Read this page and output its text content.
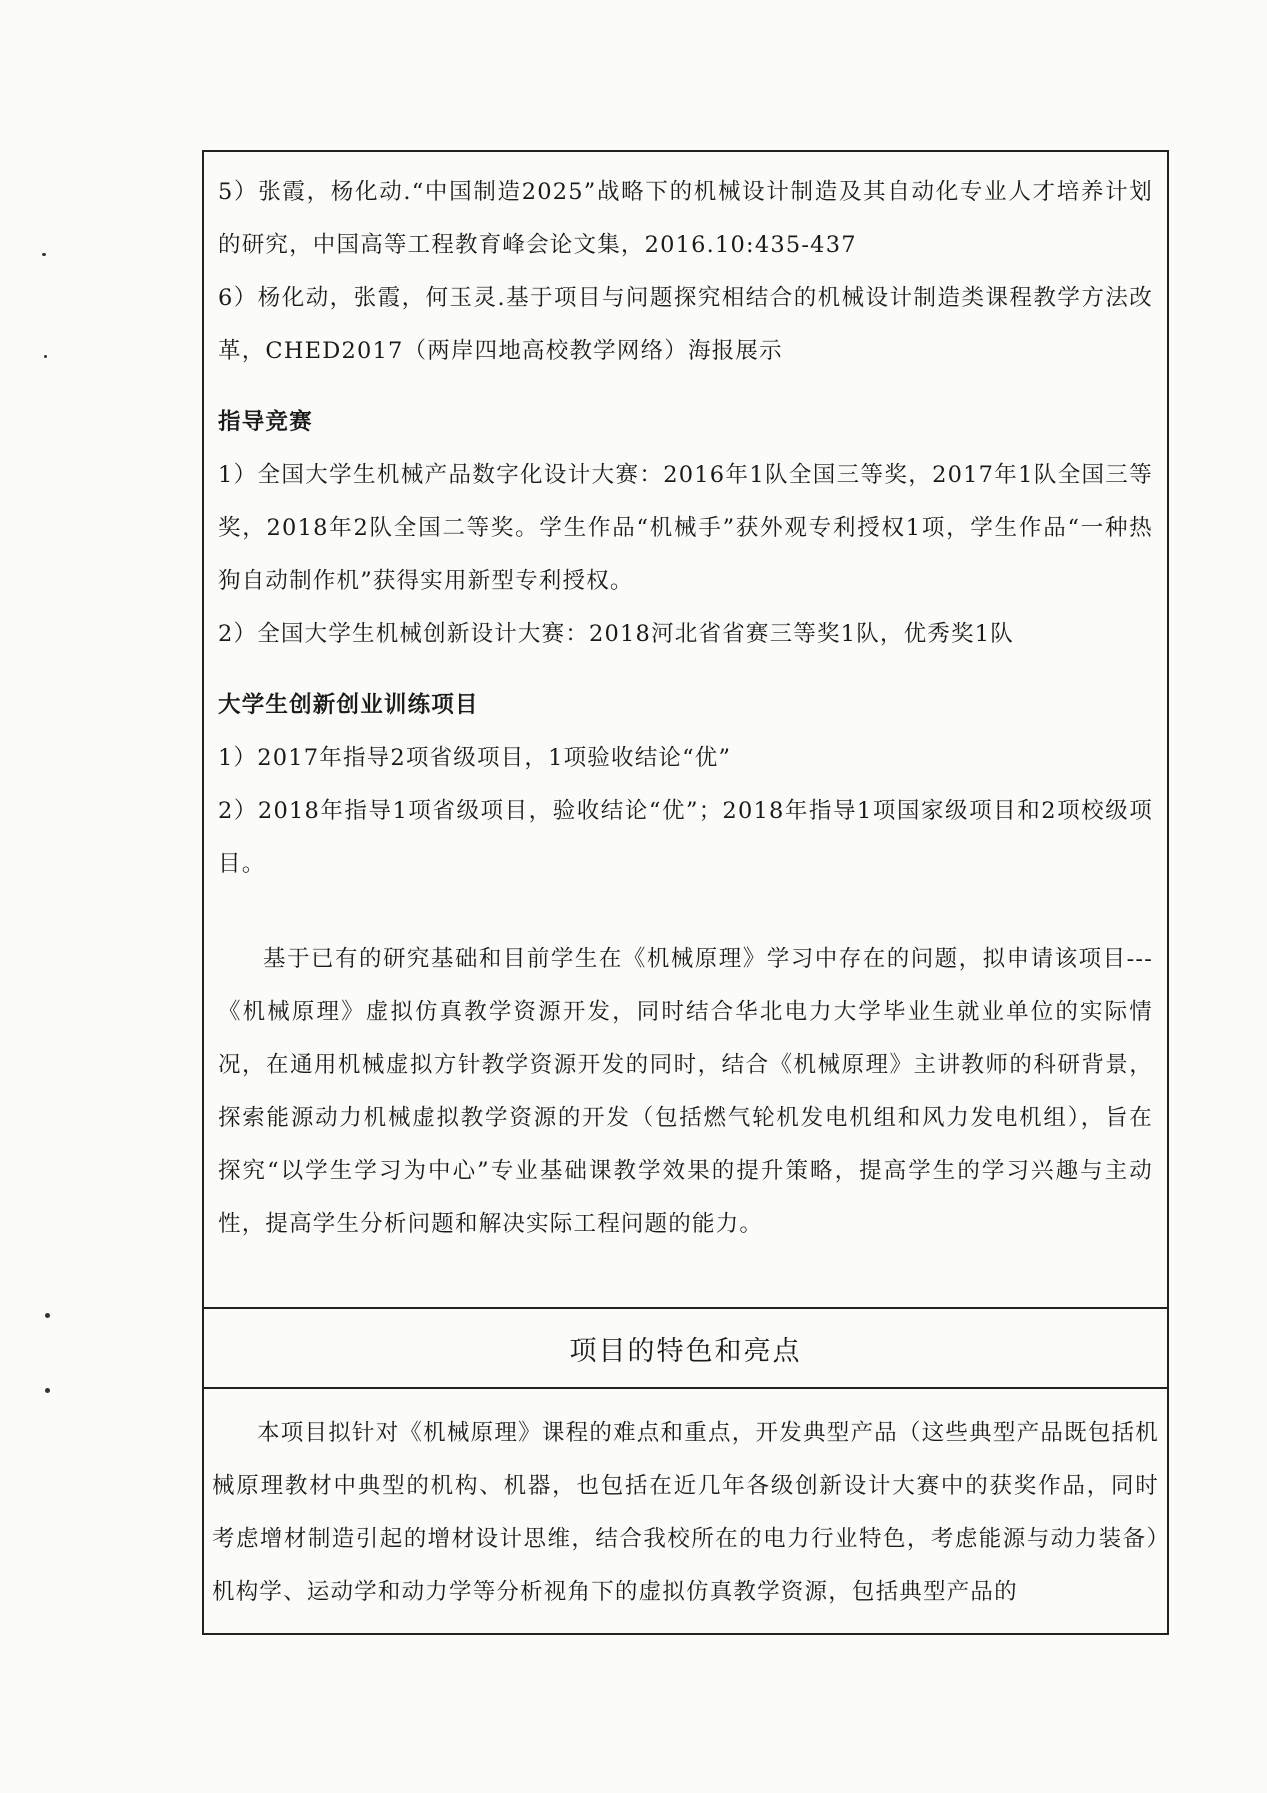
5）张霞，杨化动.“中国制造2025”战略下的机械设计制造及其自动化专业人才培养计划的研究，中国高等工程教育峰会论文集，2016.10:435-437

6）杨化动，张霞，何玉灵.基于项目与问题探究相结合的机械设计制造类课程教学方法改革，CHED2017（两岸四地高校教学网络）海报展示

指导竞赛

1）全国大学生机械产品数字化设计大赛：2016年1队全国三等奖，2017年1队全国三等奖，2018年2队全国二等奖。学生作品“机械手”获外观专利授权1项，学生作品“一种热狗自动制作机”获得实用新型专利授权。

2）全国大学生机械创新设计大赛：2018河北省省赛三等奖1队，优秀奖1队

大学生创新创业训练项目

1）2017年指导2项省级项目，1项验收结论“优”

2）2018年指导1项省级项目，验收结论“优”；2018年指导1项国家级项目和2项校级项目。

基于已有的研究基础和目前学生在《机械原理》学习中存在的问题，拟申请该项目---《机械原理》虚拟仿真教学资源开发，同时结合华北电力大学毕业生就业单位的实际情况，在通用机械虚拟方针教学资源开发的同时，结合《机械原理》主讲教师的科研背景，探索能源动力机械虚拟教学资源的开发（包括燃气轮机发电机组和风力发电机组），旨在探究“以学生学习为中心”专业基础课教学效果的提升策略，提高学生的学习兴趣与主动性，提高学生分析问题和解决实际工程问题的能力。

项目的特色和亮点

本项目拟针对《机械原理》课程的难点和重点，开发典型产品（这些典型产品既包括机械原理教材中典型的机构、机器，也包括在近几年各级创新设计大赛中的获奖作品，同时考虑增材制造引起的增材设计思维，结合我校所在的电力行业特色，考虑能源与动力装备）机构学、运动学和动力学等分析视角下的虚拟仿真教学资源，包括典型产品的
